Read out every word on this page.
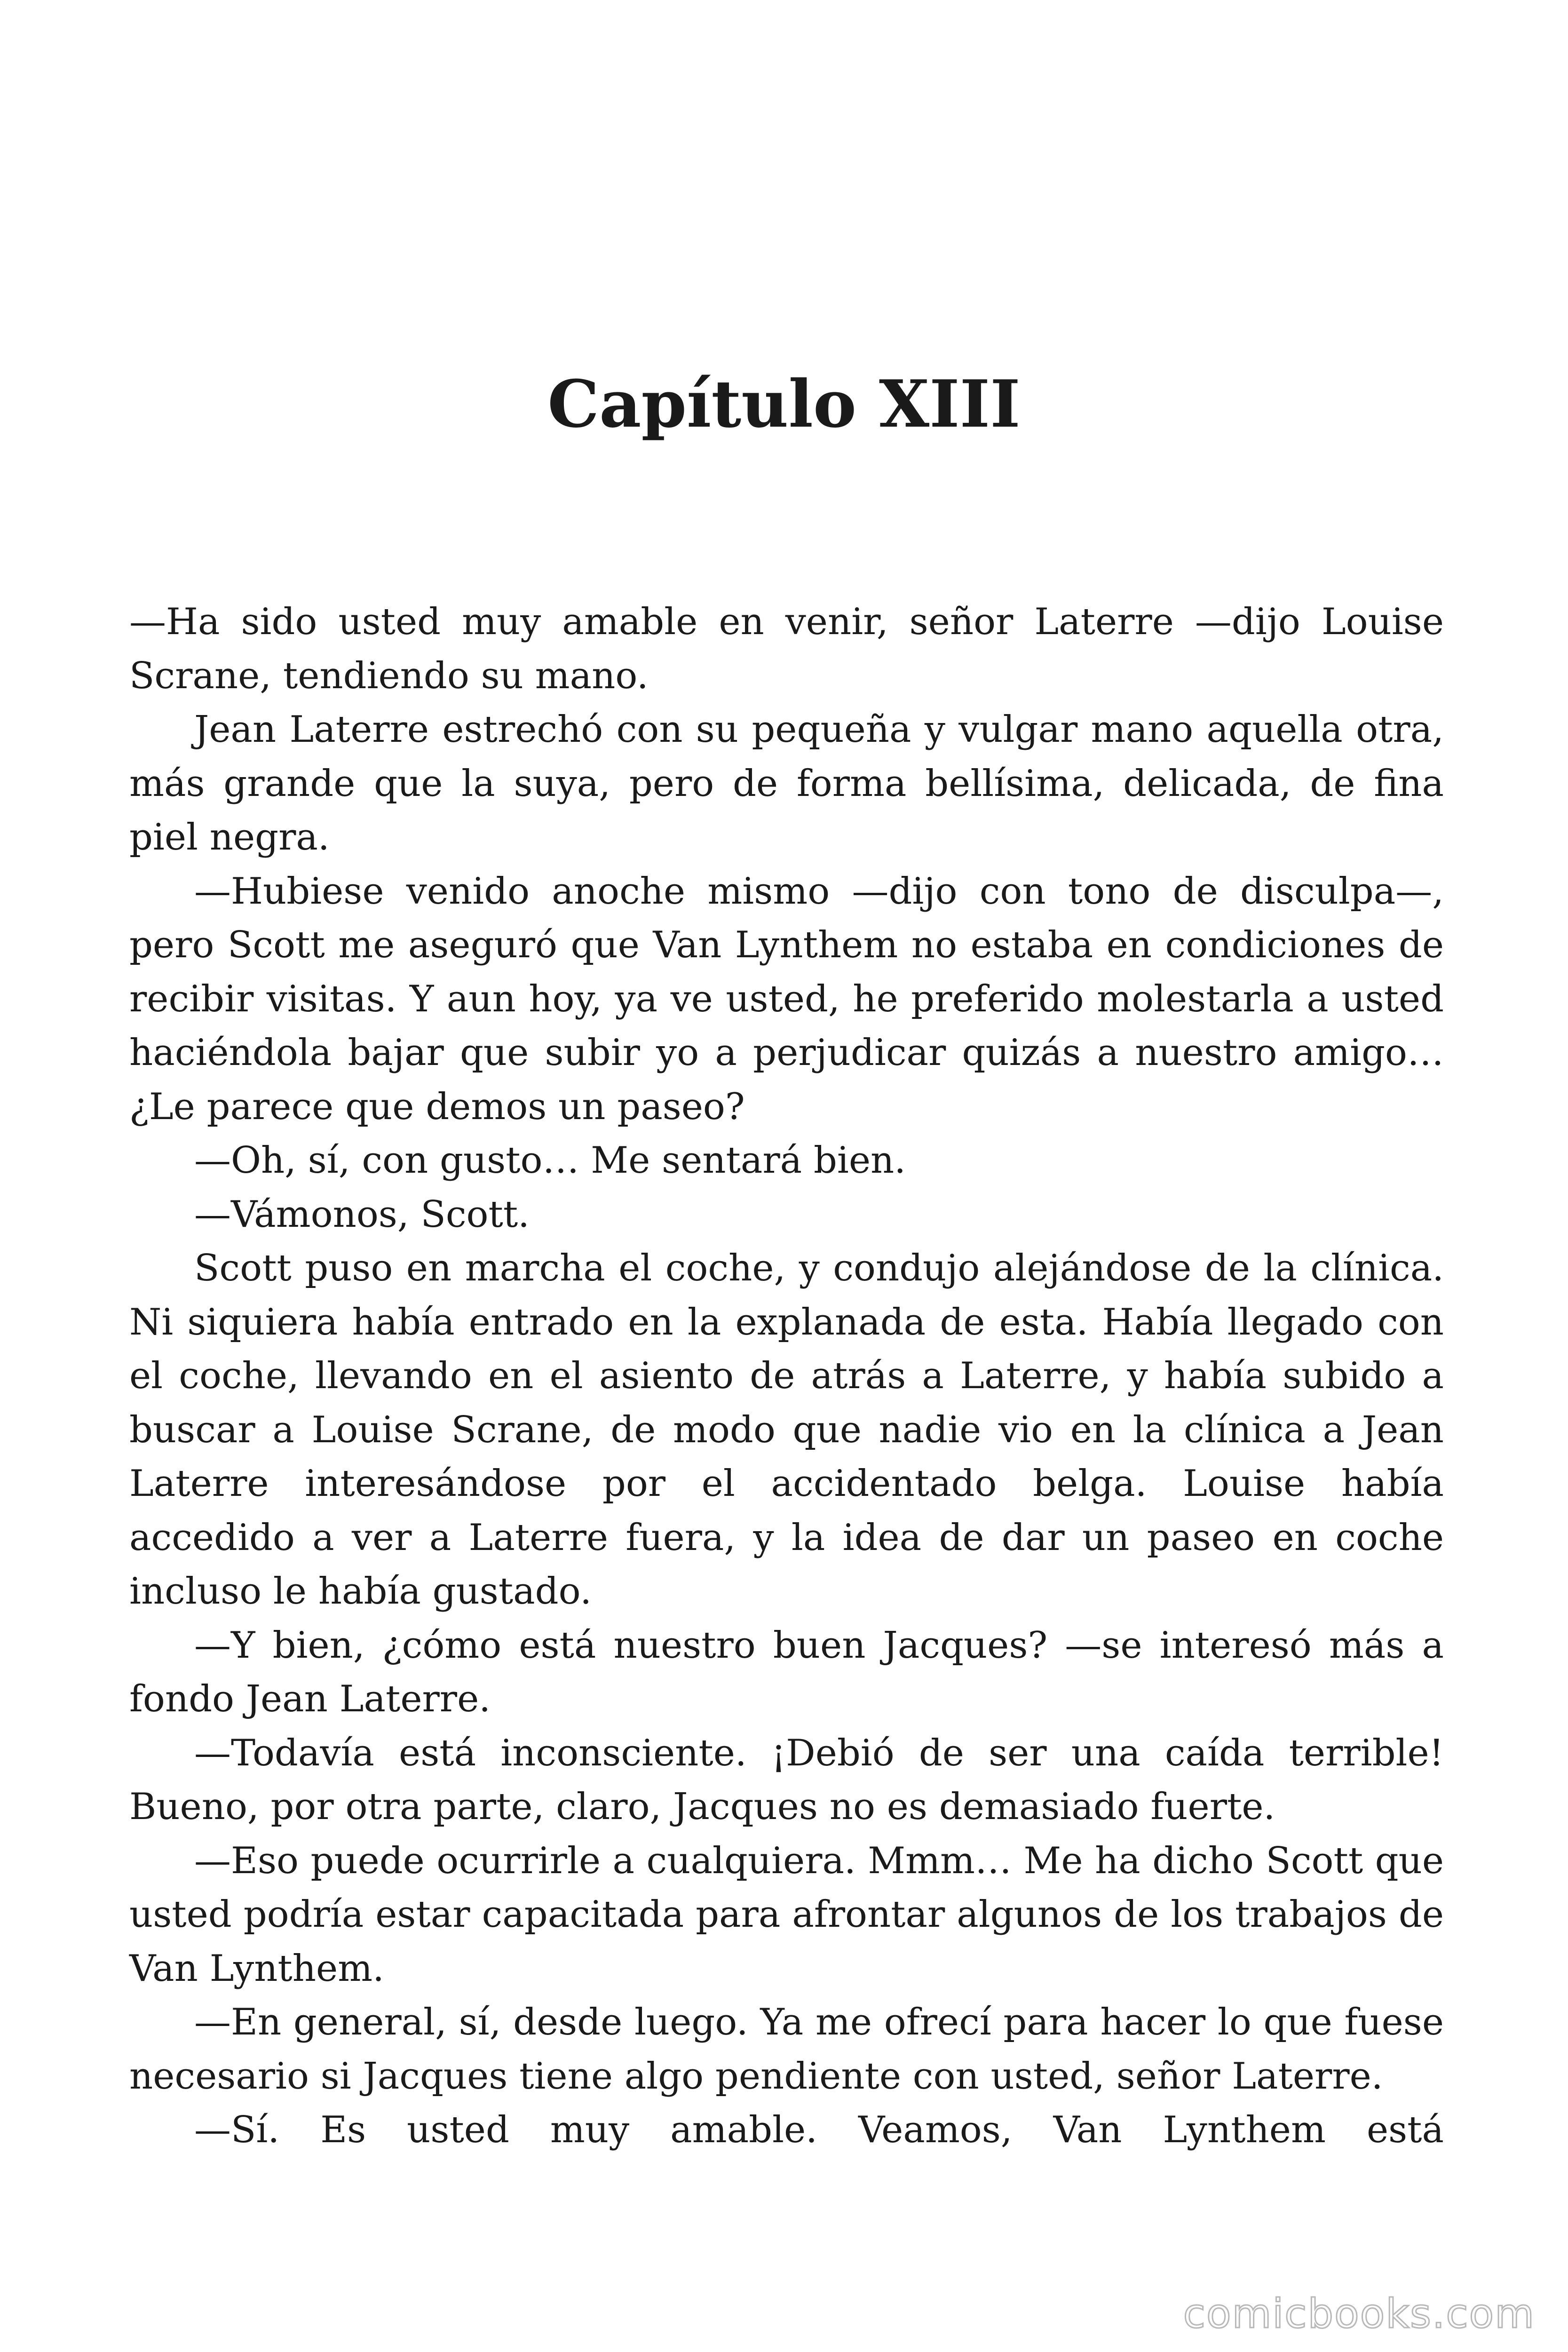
Capítulo XIII

—Ha sido usted muy amable en venir, señor Laterre —dijo Louise Scrane, tendiendo su mano.

Jean Laterre estrechó con su pequeña y vulgar mano aquella otra, más grande que la suya, pero de forma bellísima, delicada, de fina piel negra.

—Hubiese venido anoche mismo —dijo con tono de disculpa—, pero Scott me aseguró que Van Lynthem no estaba en condiciones de recibir visitas. Y aun hoy, ya ve usted, he preferido molestarla a usted haciéndola bajar que subir yo a perjudicar quizás a nuestro amigo… ¿Le parece que demos un paseo?

—Oh, sí, con gusto… Me sentará bien.

—Vámonos, Scott.

Scott puso en marcha el coche, y condujo alejándose de la clínica. Ni siquiera había entrado en la explanada de esta. Había llegado con el coche, llevando en el asiento de atrás a Laterre, y había subido a buscar a Louise Scrane, de modo que nadie vio en la clínica a Jean Laterre interesándose por el accidentado belga. Louise había accedido a ver a Laterre fuera, y la idea de dar un paseo en coche incluso le había gustado.

—Y bien, ¿cómo está nuestro buen Jacques? —se interesó más a fondo Jean Laterre.

—Todavía está inconsciente. ¡Debió de ser una caída terrible! Bueno, por otra parte, claro, Jacques no es demasiado fuerte.

—Eso puede ocurrirle a cualquiera. Mmm… Me ha dicho Scott que usted podría estar capacitada para afrontar algunos de los trabajos de Van Lynthem.

—En general, sí, desde luego. Ya me ofrecí para hacer lo que fuese necesario si Jacques tiene algo pendiente con usted, señor Laterre.

—Sí. Es usted muy amable. Veamos, Van Lynthem está

comicbooks.com
